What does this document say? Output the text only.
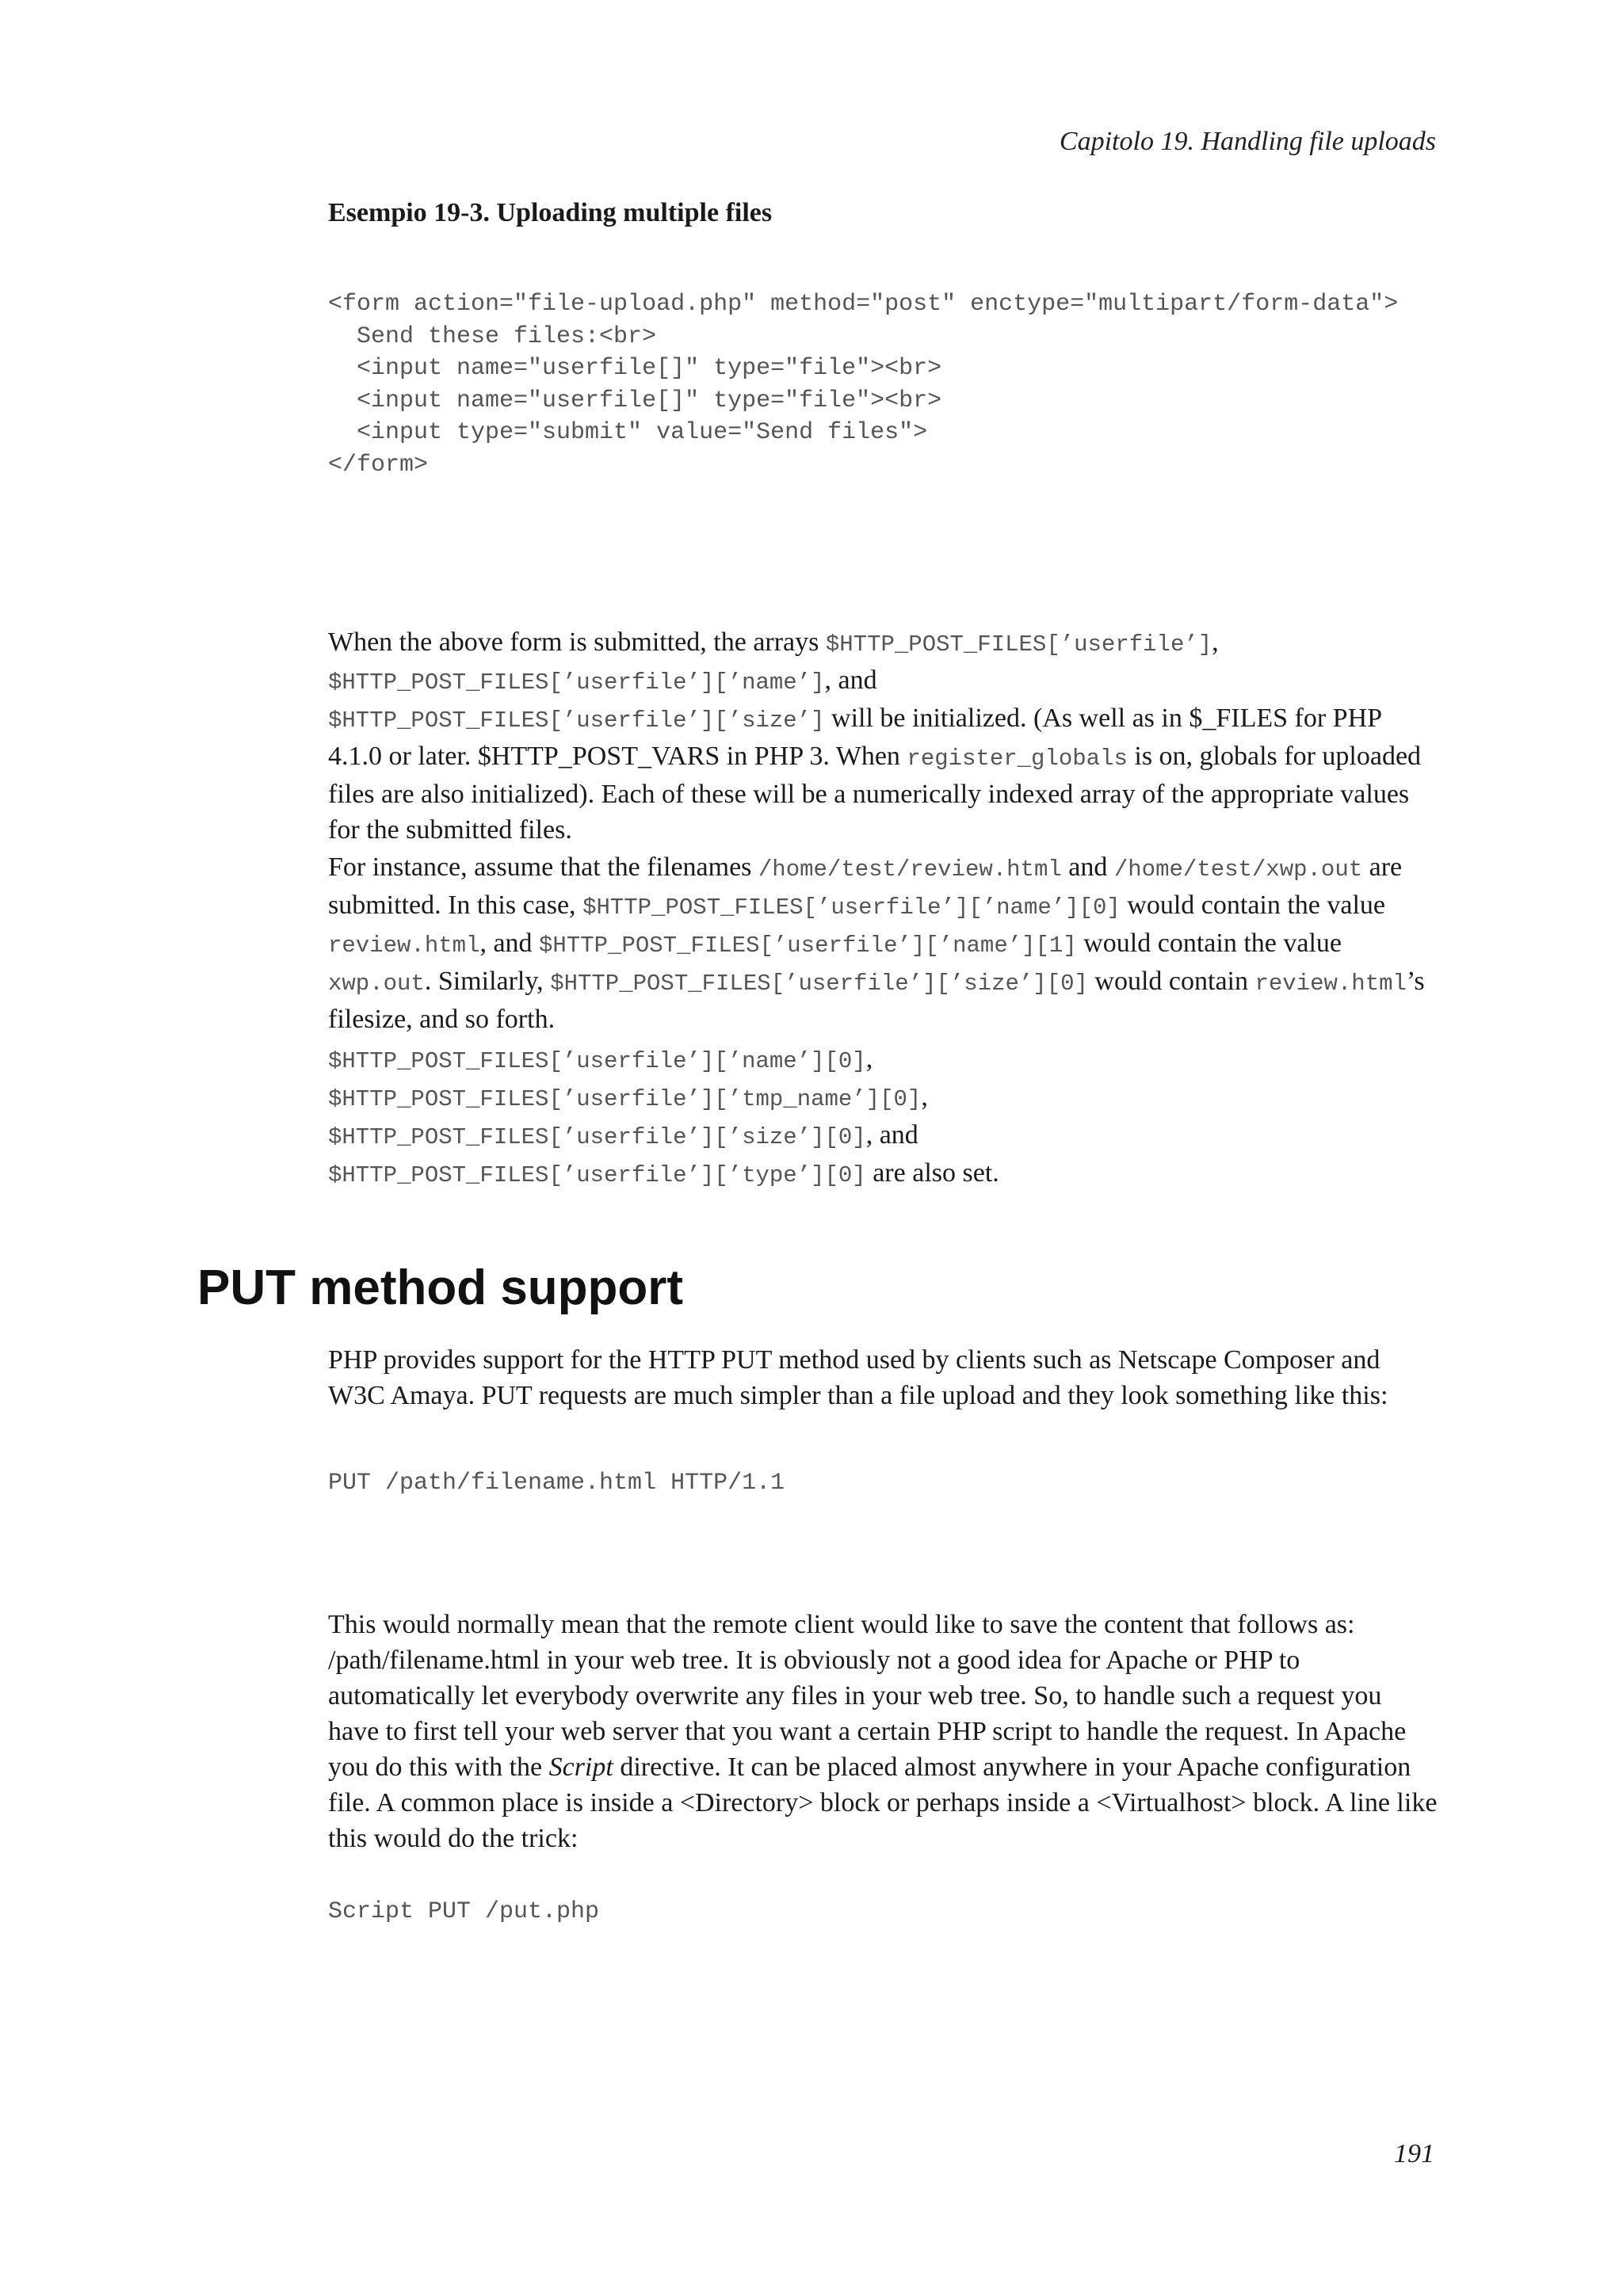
Capitolo 19. Handling file uploads

Esempio 19-3. Uploading multiple files

<form action="file-upload.php" method="post" enctype="multipart/form-data">
Send these files:<br>
<input name="userfile[]" type="file"><br>
<input name="userfile[]" type="file"><br>
<input type="submit" value="Send files">
</form>

When the above form is submitted, the arrays $HTTP_POST_FILES[’userfile’],
$HTTP_POST_FILES[’userfile’][’name’], and
$HTTP_POST_FILES[’userfile’][’size’] will be initialized. (As well as in $_FILES for PHP 4.1.0 or later. $HTTP_POST_VARS in PHP 3. When register_globals is on, globals for uploaded files are also initialized). Each of these will be a numerically indexed array of the appropriate values for the submitted files.

For instance, assume that the filenames /home/test/review.html and /home/test/xwp.out are submitted. In this case, $HTTP_POST_FILES[’userfile’][’name’][0] would contain the value review.html, and $HTTP_POST_FILES[’userfile’][’name’][1] would contain the value xwp.out. Similarly, $HTTP_POST_FILES[’userfile’][’size’][0] would contain review.html’s filesize, and so forth.

$HTTP_POST_FILES[’userfile’][’name’][0],
$HTTP_POST_FILES[’userfile’][’tmp_name’][0],
$HTTP_POST_FILES[’userfile’][’size’][0], and
$HTTP_POST_FILES[’userfile’][’type’][0] are also set.

PUT method support

PHP provides support for the HTTP PUT method used by clients such as Netscape Composer and W3C Amaya. PUT requests are much simpler than a file upload and they look something like this:

PUT /path/filename.html HTTP/1.1

This would normally mean that the remote client would like to save the content that follows as: /path/filename.html in your web tree. It is obviously not a good idea for Apache or PHP to automatically let everybody overwrite any files in your web tree. So, to handle such a request you have to first tell your web server that you want a certain PHP script to handle the request. In Apache you do this with the Script directive. It can be placed almost anywhere in your Apache configuration file. A common place is inside a <Directory> block or perhaps inside a <Virtualhost> block. A line like this would do the trick:

Script PUT /put.php
191
